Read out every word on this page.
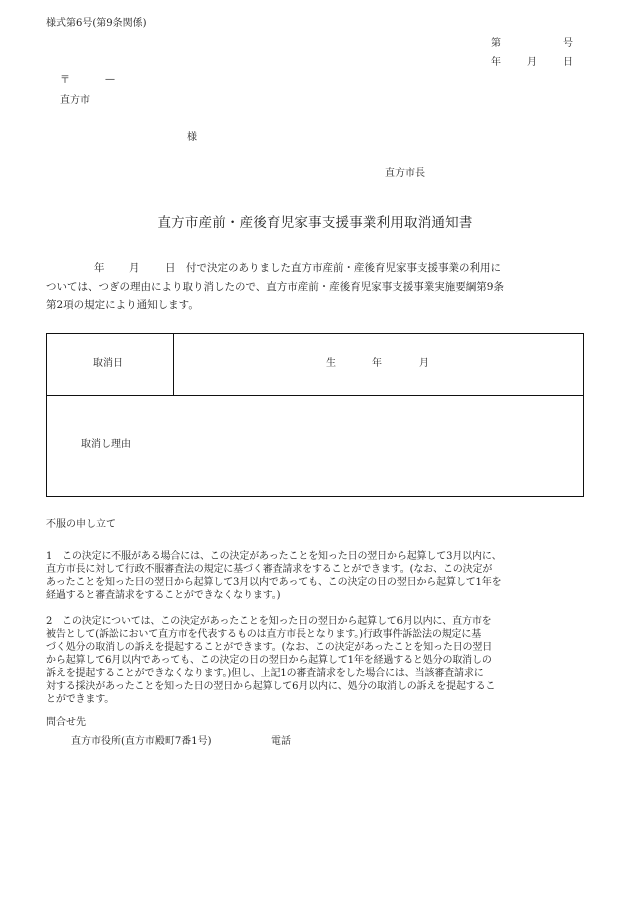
様式第6号(第9条関係)
第	号
年	月	日
〒	—
直方市
様
直方市長
直方市産前・産後育児家事支援事業利用取消通知書
年 月 日 付で決定のありました直方市産前・産後育児家事支援事業の利用に
ついては、つぎの理由により取り消したので、直方市産前・産後育児家事支援事業実施要綱第9条
第2項の規定により通知します。
取消日	生	年	月
取消し理由
不服の申し立て
1　この決定に不服がある場合には、この決定があったことを知った日の翌日から起算して3月以内に、
直方市長に対して行政不服審査法の規定に基づく審査請求をすることができます。(なお、この決定が
あったことを知った日の翌日から起算して3月以内であっても、この決定の日の翌日から起算して1年を
経過すると審査請求をすることができなくなります。)
2　この決定については、この決定があったことを知った日の翌日から起算して6月以内に、直方市を
被告として(訴訟において直方市を代表するものは直方市長となります。)行政事件訴訟法の規定に基
づく処分の取消しの訴えを提起することができます。(なお、この決定があったことを知った日の翌日
から起算して6月以内であっても、この決定の日の翌日から起算して1年を経過すると処分の取消しの
訴えを提起することができなくなります。)但し、上記1の審査請求をした場合には、当該審査請求に
対する採決があったことを知った日の翌日から起算して6月以内に、処分の取消しの訴えを提起するこ
とができます。
問合せ先
直方市役所(直方市殿町7番1号)	電話
